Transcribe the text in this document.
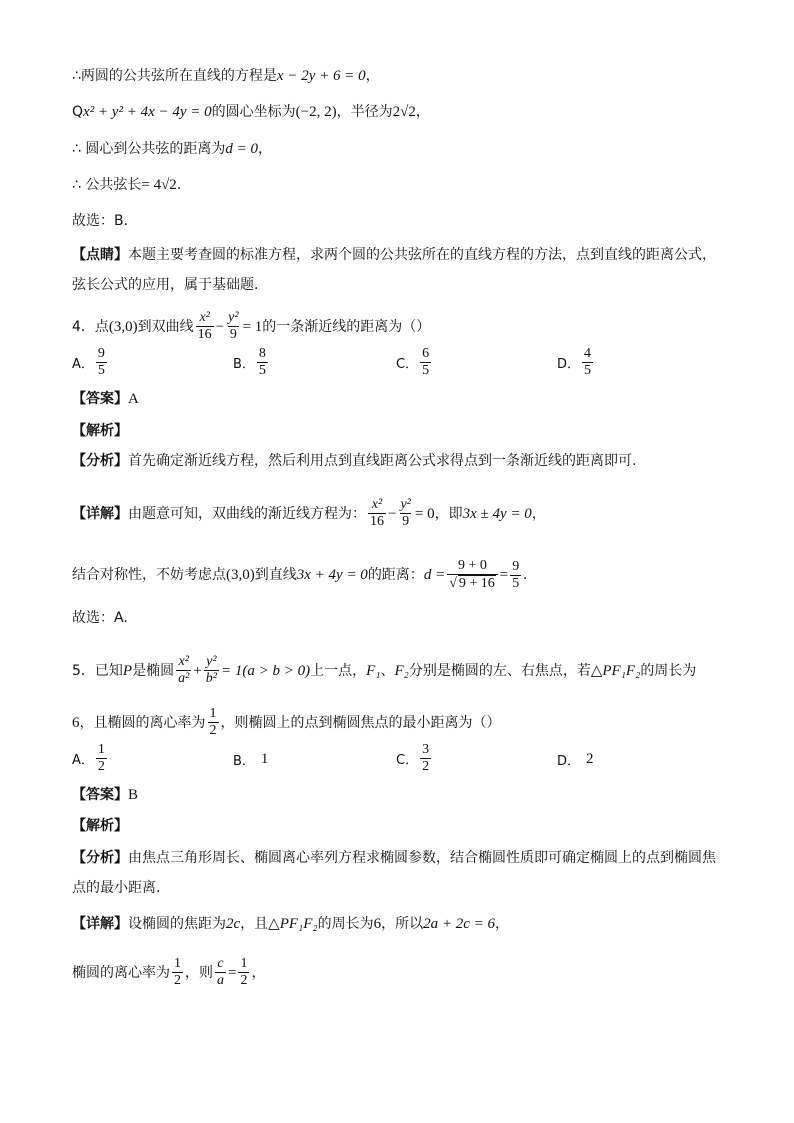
∴两圆的公共弦所在直线的方程是 x − 2y + 6 = 0 ，
Q x² + y² + 4x − 4y = 0 的圆心坐标为 (−2, 2) ，半径为 2√2 ，
∴ 圆心到公共弦的距离为 d = 0 ，
∴ 公共弦长 = 4√2 .
故选：B．
【点睛】 本题主要考查圆的标准方程，求两个圆的公共弦所在的直线方程的方法，点到直线的距离公式，
弦长公式的应用，属于基础题．
4．点 (3,0) 到双曲线 $\frac{\text{x²}}{16} - \frac{\text{y²}}{9} = 1$ 的一条渐近线的距离为（）
A． $\frac{9}{5}$	B． $\frac{8}{5}$	C． $\frac{6}{5}$	D． $\frac{4}{5}$
【答案】 A
【解析】
【分析】 首先确定渐近线方程，然后利用点到直线距离公式求得点到一条渐近线的距离即可.
【详解】 由题意可知，双曲线的渐近线方程为： $\frac{\text{x²}}{16} - \frac{\text{y²}}{9} = 0$ ，即 3x ± 4y = 0 ，
结合对称性，不妨考虑点 (3,0) 到直线 3x + 4y = 0 的距离： $d = \frac{9 + 0}{√ 9 + 16} = \frac{9}{5}$ .
故选：A.
5．已知 P 是椭圆 $\frac{\text{x²}}{\text{a²}} + \frac{\text{y²}}{\text{b²}} = 1(a > b > 0)$ 上一点， F₁ 、 F₂ 分别是椭圆的左、右焦点，若 △PF₁F₂ 的周长为
6 ，且椭圆的离心率为 $\frac{1}{2}$ ，则椭圆上的点到椭圆焦点的最小距离为（）
A． $\frac{1}{2}$	B． 1	C． $\frac{3}{2}$	D． 2
【答案】 B
【解析】
【分析】 由焦点三角形周长、椭圆离心率列方程求椭圆参数，结合椭圆性质即可确定椭圆上的点到椭圆焦
点的最小距离.
【详解】 设椭圆的焦距为 2c ，且 △PF₁F₂ 的周长为 6 ，所以 2a + 2c = 6 ，
椭圆的离心率为 $\frac{1}{2}$ ，则 $\frac{c}{a} = \frac{1}{2}$ ，
